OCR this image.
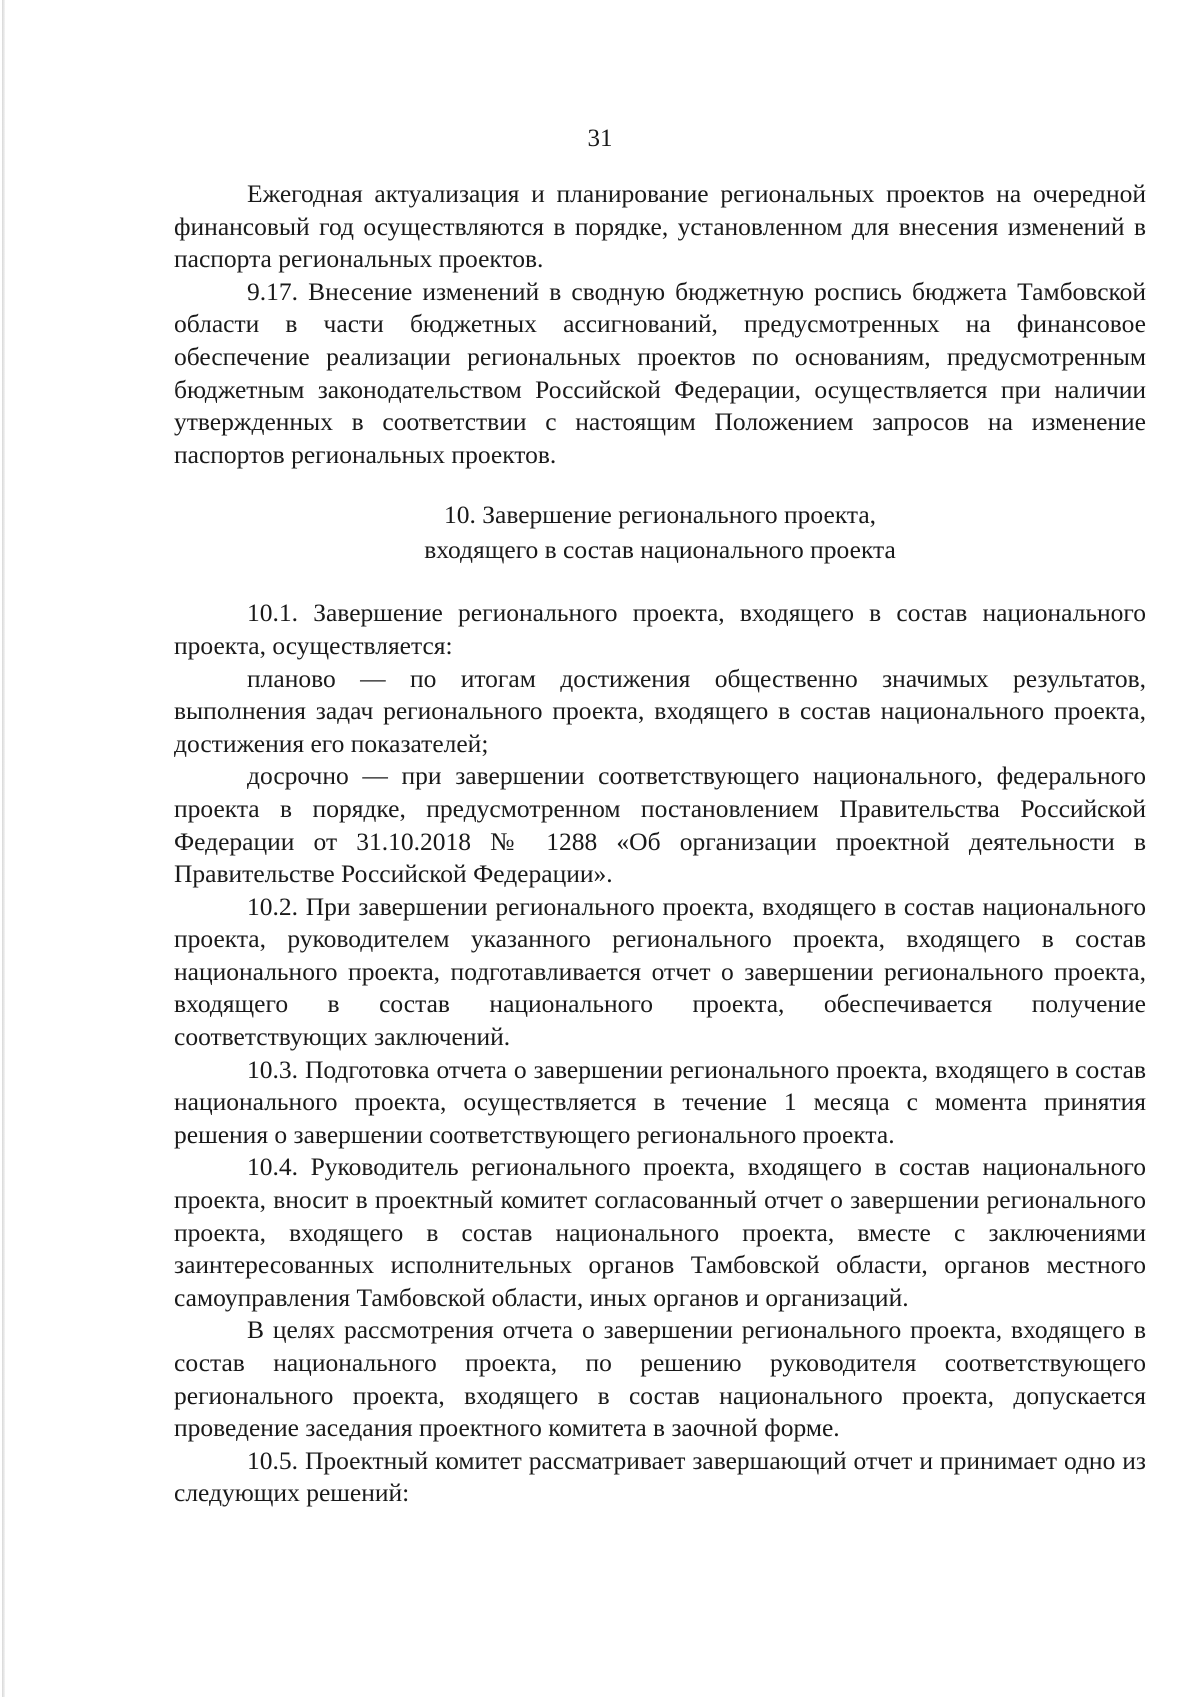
31

Ежегодная актуализация и планирование региональных проектов на очередной финансовый год осуществляются в порядке, установленном для внесения изменений в паспорта региональных проектов.

9.17. Внесение изменений в сводную бюджетную роспись бюджета Тамбовской области в части бюджетных ассигнований, предусмотренных на финансовое обеспечение реализации региональных проектов по основаниям, предусмотренным бюджетным законодательством Российской Федерации, осуществляется при наличии утвержденных в соответствии с настоящим Положением запросов на изменение паспортов региональных проектов.

10. Завершение регионального проекта,

входящего в состав национального проекта

10.1. Завершение регионального проекта, входящего в состав национального проекта, осуществляется:

планово — по итогам достижения общественно значимых результатов, выполнения задач регионального проекта, входящего в состав национального проекта, достижения его показателей;

досрочно — при завершении соответствующего национального, федерального проекта в порядке, предусмотренном постановлением Правительства Российской Федерации от 31.10.2018 № 1288 «Об организации проектной деятельности в Правительстве Российской Федерации».

10.2. При завершении регионального проекта, входящего в состав национального проекта, руководителем указанного регионального проекта, входящего в состав национального проекта, подготавливается отчет о завершении регионального проекта, входящего в состав национального проекта, обеспечивается получение соответствующих заключений.

10.3. Подготовка отчета о завершении регионального проекта, входящего в состав национального проекта, осуществляется в течение 1 месяца с момента принятия решения о завершении соответствующего регионального проекта.

10.4. Руководитель регионального проекта, входящего в состав национального проекта, вносит в проектный комитет согласованный отчет о завершении регионального проекта, входящего в состав национального проекта, вместе с заключениями заинтересованных исполнительных органов Тамбовской области, органов местного самоуправления Тамбовской области, иных органов и организаций.

В целях рассмотрения отчета о завершении регионального проекта, входящего в состав национального проекта, по решению руководителя соответствующего регионального проекта, входящего в состав национального проекта, допускается проведение заседания проектного комитета в заочной форме.

10.5. Проектный комитет рассматривает завершающий отчет и принимает одно из следующих решений:
